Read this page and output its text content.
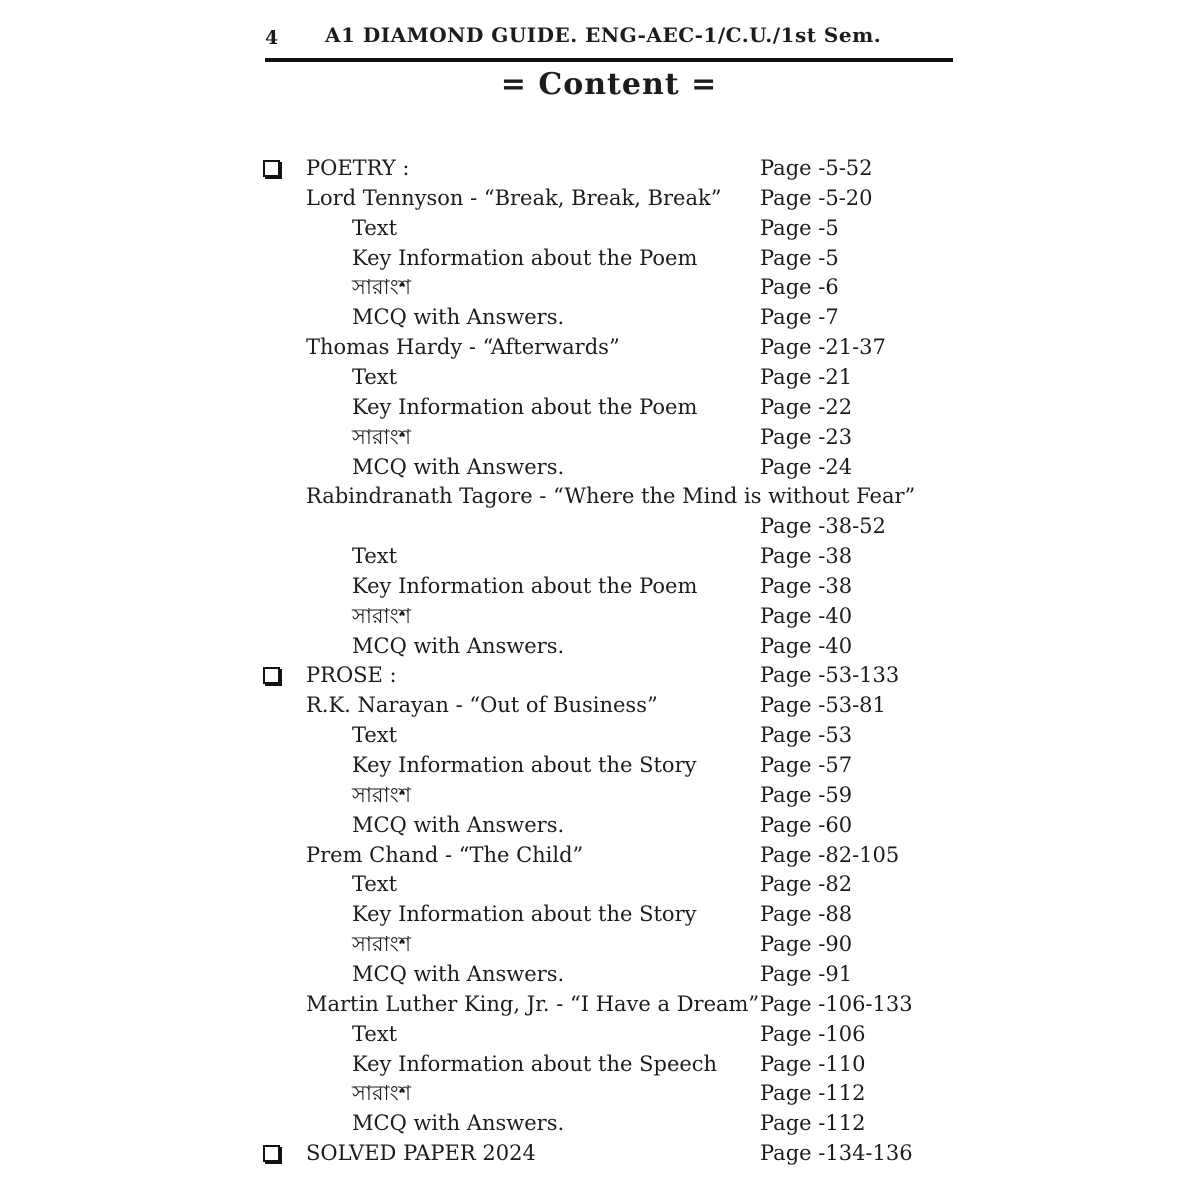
4 A1 DIAMOND GUIDE. ENG-AEC-1/C.U./1st Sem.
= Content =
POETRY :	Page -5-52
Lord Tennyson - “Break, Break, Break” Page -5-20
Text	Page -5
Key Information about the Poem	Page -5
সারাংশ	Page -6
MCQ with Answers.	Page -7
Thomas Hardy - “Afterwards”	Page -21-37
Text	Page -21
Key Information about the Poem	Page -22
সারাংশ	Page -23
MCQ with Answers.	Page -24
Rabindranath Tagore - “Where the Mind is without Fear”
Page -38-52
Text	Page -38
Key Information about the Poem	Page -38
সারাংশ	Page -40
MCQ with Answers.	Page -40
PROSE :	Page -53-133
R.K. Narayan - “Out of Business”	Page -53-81
Text	Page -53
Key Information about the Story	Page -57
সারাংশ	Page -59
MCQ with Answers.	Page -60
Prem Chand - “The Child”	Page -82-105
Text	Page -82
Key Information about the Story	Page -88
সারাংশ	Page -90
MCQ with Answers.	Page -91
Martin Luther King, Jr. - “I Have a Dream” Page -106-133
Text	Page -106
Key Information about the Speech Page -110
সারাংশ	Page -112
MCQ with Answers.	Page -112
SOLVED PAPER 2024	Page -134-136
